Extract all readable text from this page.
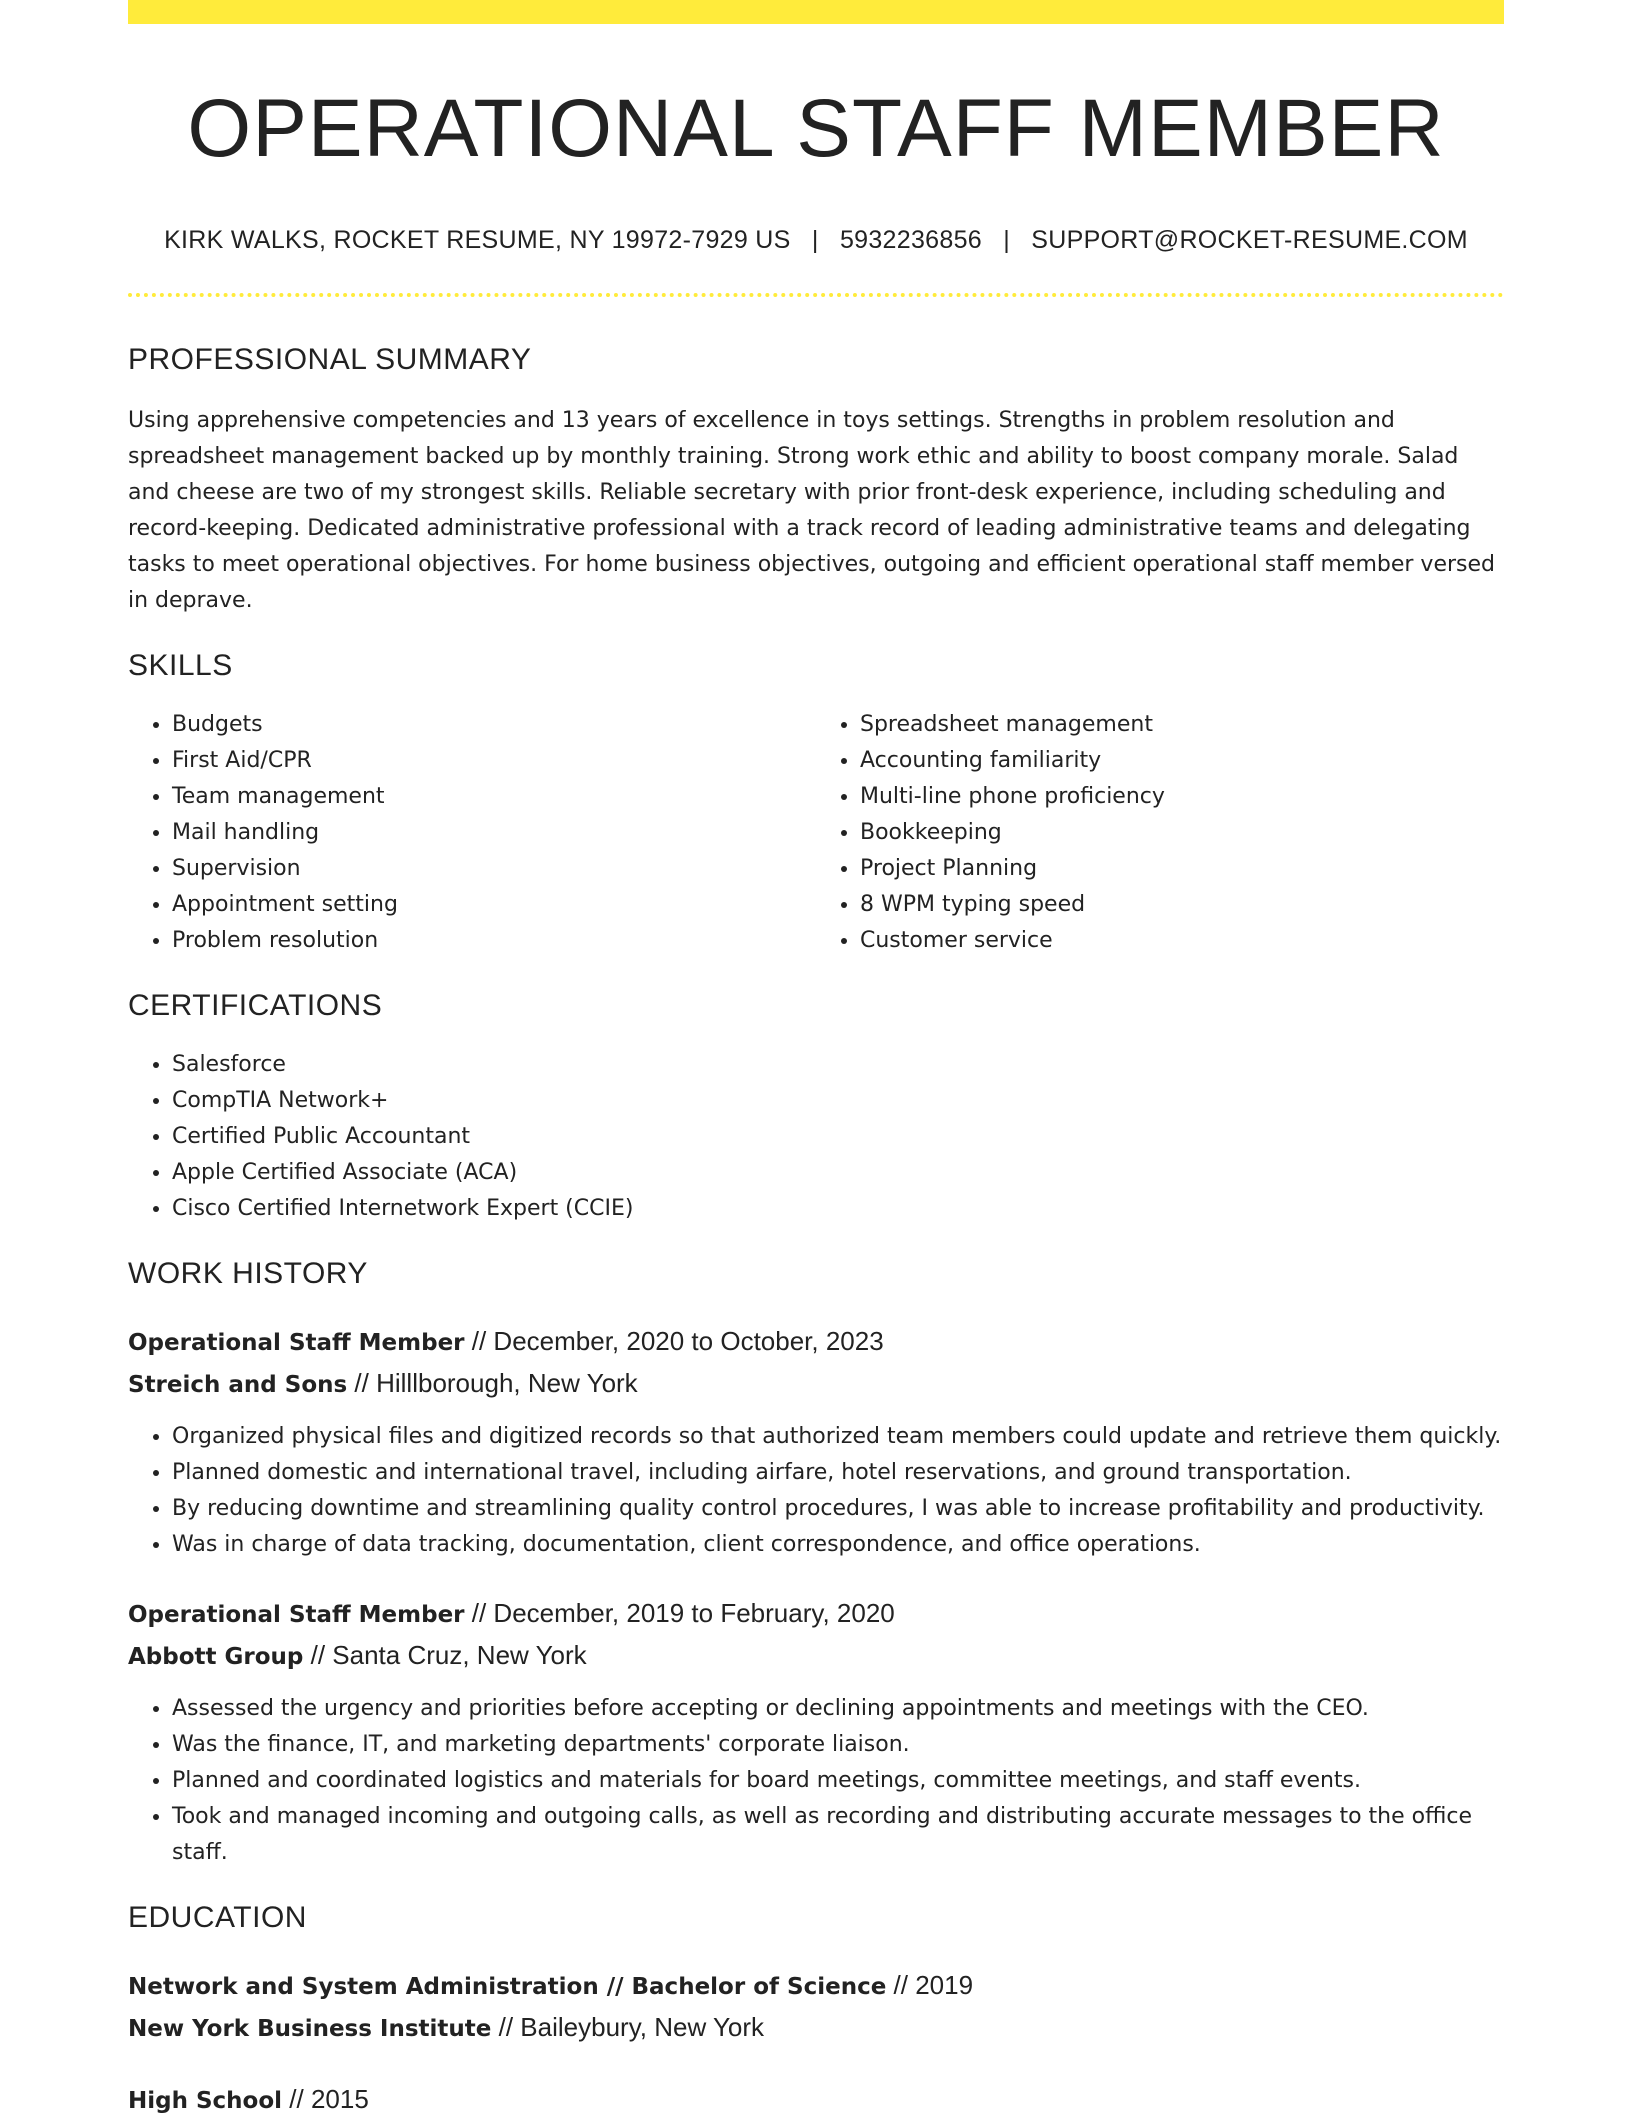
OPERATIONAL STAFF MEMBER
KIRK WALKS, ROCKET RESUME, NY 19972-7929 US | 5932236856 | SUPPORT@ROCKET-RESUME.COM
PROFESSIONAL SUMMARY

Using apprehensive competencies and 13 years of excellence in toys settings. Strengths in problem resolution and spreadsheet management backed up by monthly training. Strong work ethic and ability to boost company morale. Salad and cheese are two of my strongest skills. Reliable secretary with prior front-desk experience, including scheduling and record-keeping. Dedicated administrative professional with a track record of leading administrative teams and delegating tasks to meet operational objectives. For home business objectives, outgoing and efficient operational staff member versed in deprave.

SKILLS
• Budgets
• First Aid/CPR
• Team management
• Mail handling
• Supervision
• Appointment setting
• Problem resolution
• Spreadsheet management
• Accounting familiarity
• Multi-line phone proficiency
• Bookkeeping
• Project Planning
• 8 WPM typing speed
• Customer service
CERTIFICATIONS
• Salesforce
• CompTIA Network+
• Certified Public Accountant
• Apple Certified Associate (ACA)
• Cisco Certified Internetwork Expert (CCIE)
WORK HISTORY
Operational Staff Member // December, 2020 to October, 2023
Streich and Sons // Hilllborough, New York
• Organized physical files and digitized records so that authorized team members could update and retrieve them quickly.
• Planned domestic and international travel, including airfare, hotel reservations, and ground transportation.
• By reducing downtime and streamlining quality control procedures, I was able to increase profitability and productivity.
• Was in charge of data tracking, documentation, client correspondence, and office operations.
Operational Staff Member // December, 2019 to February, 2020
Abbott Group // Santa Cruz, New York
• Assessed the urgency and priorities before accepting or declining appointments and meetings with the CEO.
• Was the finance, IT, and marketing departments' corporate liaison.
• Planned and coordinated logistics and materials for board meetings, committee meetings, and staff events.
• Took and managed incoming and outgoing calls, as well as recording and distributing accurate messages to the office staff.
EDUCATION
Network and System Administration // Bachelor of Science // 2019
New York Business Institute // Baileybury, New York
High School // 2015
